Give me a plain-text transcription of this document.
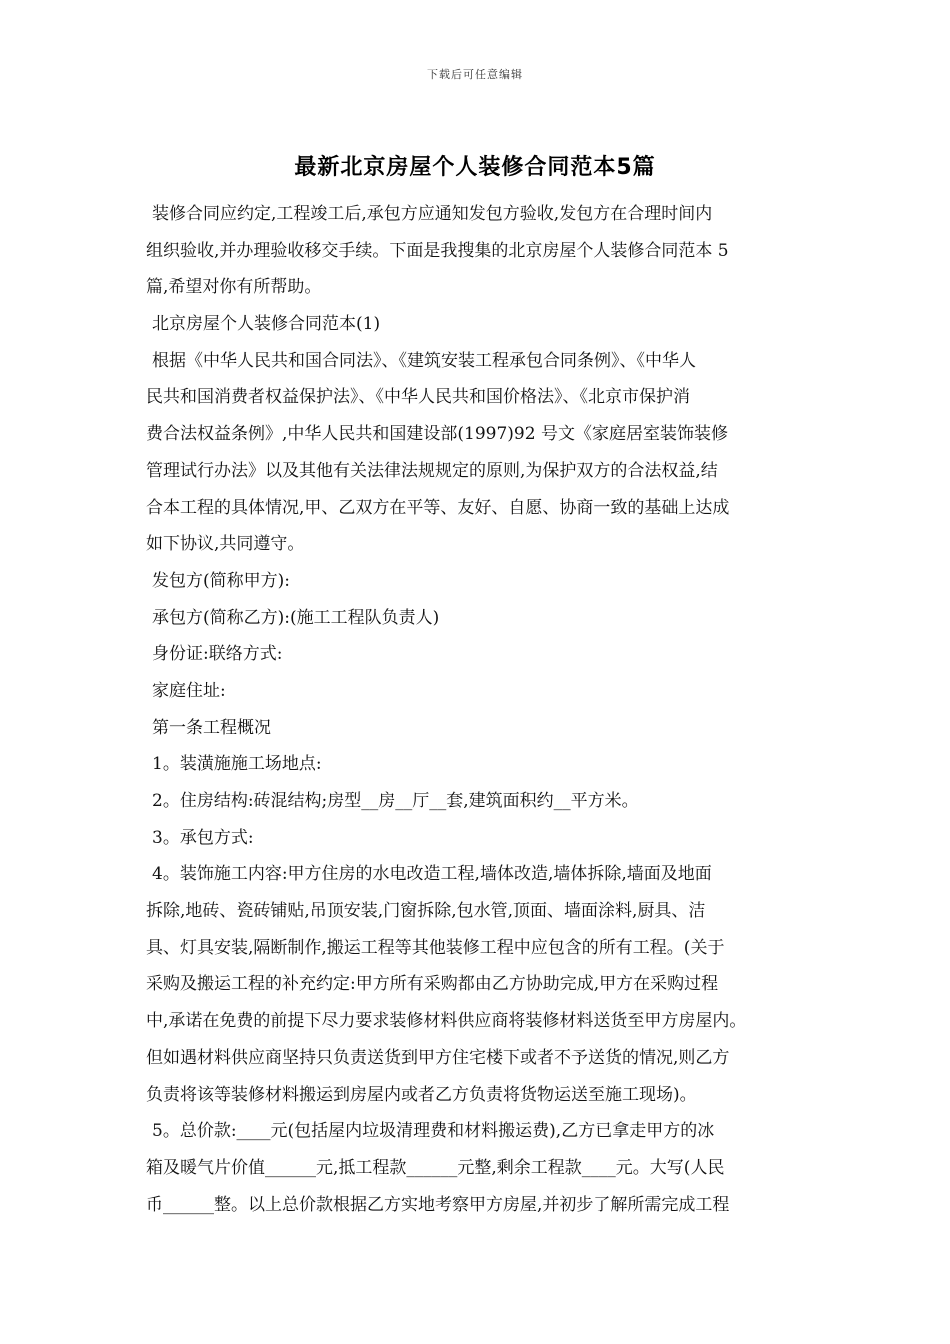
下载后可任意编辑
最新北京房屋个人装修合同范本5篇
装修合同应约定,工程竣工后,承包方应通知发包方验收,发包方在合理时间内
组织验收,并办理验收移交手续。下面是我搜集的北京房屋个人装修合同范本 5
篇,希望对你有所帮助。
北京房屋个人装修合同范本(1)
根据《中华人民共和国合同法》、《建筑安装工程承包合同条例》、《中华人
民共和国消费者权益保护法》、《中华人民共和国价格法》、《北京市保护消
费合法权益条例》,中华人民共和国建设部(1997)92 号文《家庭居室装饰装修
管理试行办法》以及其他有关法律法规规定的原则,为保护双方的合法权益,结
合本工程的具体情况,甲、乙双方在平等、友好、自愿、协商一致的基础上达成
如下协议,共同遵守。
发包方(简称甲方):
承包方(简称乙方):(施工工程队负责人)
身份证:联络方式:
家庭住址:
第一条工程概况
1。装潢施施工场地点:
2。住房结构:砖混结构;房型__房__厅__套,建筑面积约__平方米。
3。承包方式:
4。装饰施工内容:甲方住房的水电改造工程,墙体改造,墙体拆除,墙面及地面
拆除,地砖、瓷砖铺贴,吊顶安装,门窗拆除,包水管,顶面、墙面涂料,厨具、洁
具、灯具安装,隔断制作,搬运工程等其他装修工程中应包含的所有工程。(关于
采购及搬运工程的补充约定:甲方所有采购都由乙方协助完成,甲方在采购过程
中,承诺在免费的前提下尽力要求装修材料供应商将装修材料送货至甲方房屋内。
但如遇材料供应商坚持只负责送货到甲方住宅楼下或者不予送货的情况,则乙方
负责将该等装修材料搬运到房屋内或者乙方负责将货物运送至施工现场)。
5。总价款:____元(包括屋内垃圾清理费和材料搬运费),乙方已拿走甲方的冰
箱及暖气片价值______元,抵工程款______元整,剩余工程款____元。大写(人民
币______整。以上总价款根据乙方实地考察甲方房屋,并初步了解所需完成工程
